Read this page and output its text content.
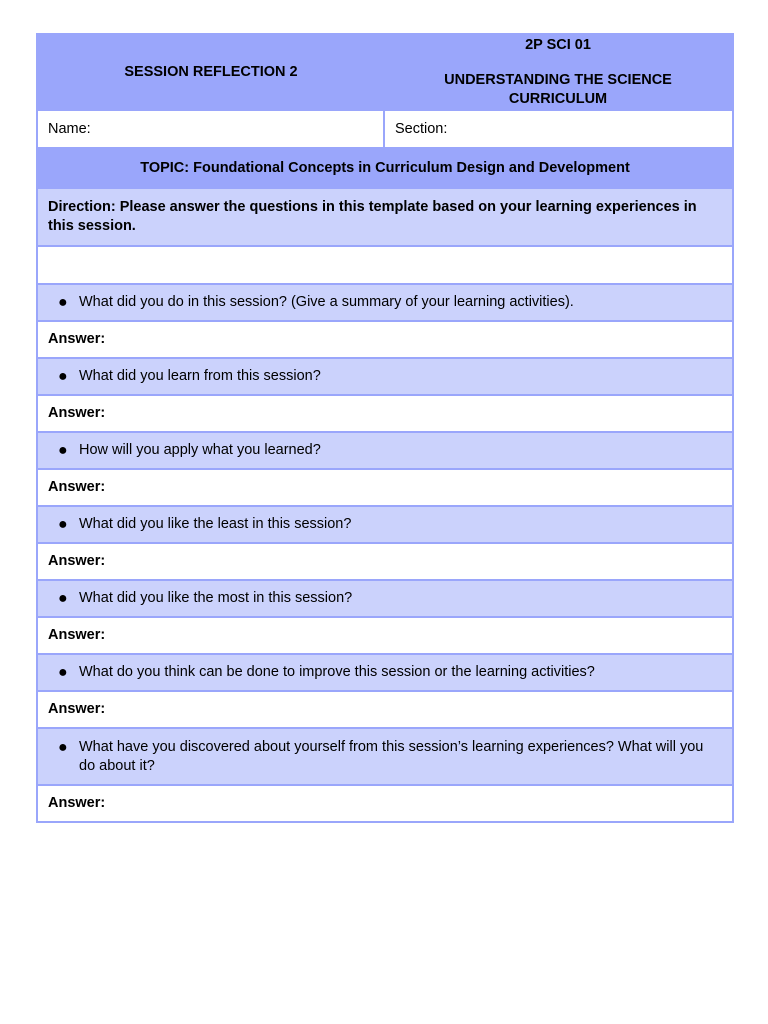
SESSION REFLECTION 2	2P SCI 01
UNDERSTANDING THE SCIENCE CURRICULUM
Name:	Section:
TOPIC: Foundational Concepts in Curriculum Design and Development	
Direction: Please answer the questions in this template based on your learning experiences in this session.	

● What did you do in this session? (Give a summary of your learning activities).	

Answer:	

● What did you learn from this session?	

Answer:	

● How will you apply what you learned?	

Answer:	

● What did you like the least in this session?	

Answer:	

● What did you like the most in this session?	

Answer:	

● What do you think can be done to improve this session or the learning activities?	

Answer:	

● What have you discovered about yourself from this session’s learning experiences? What will you do about it?	

Answer:	
